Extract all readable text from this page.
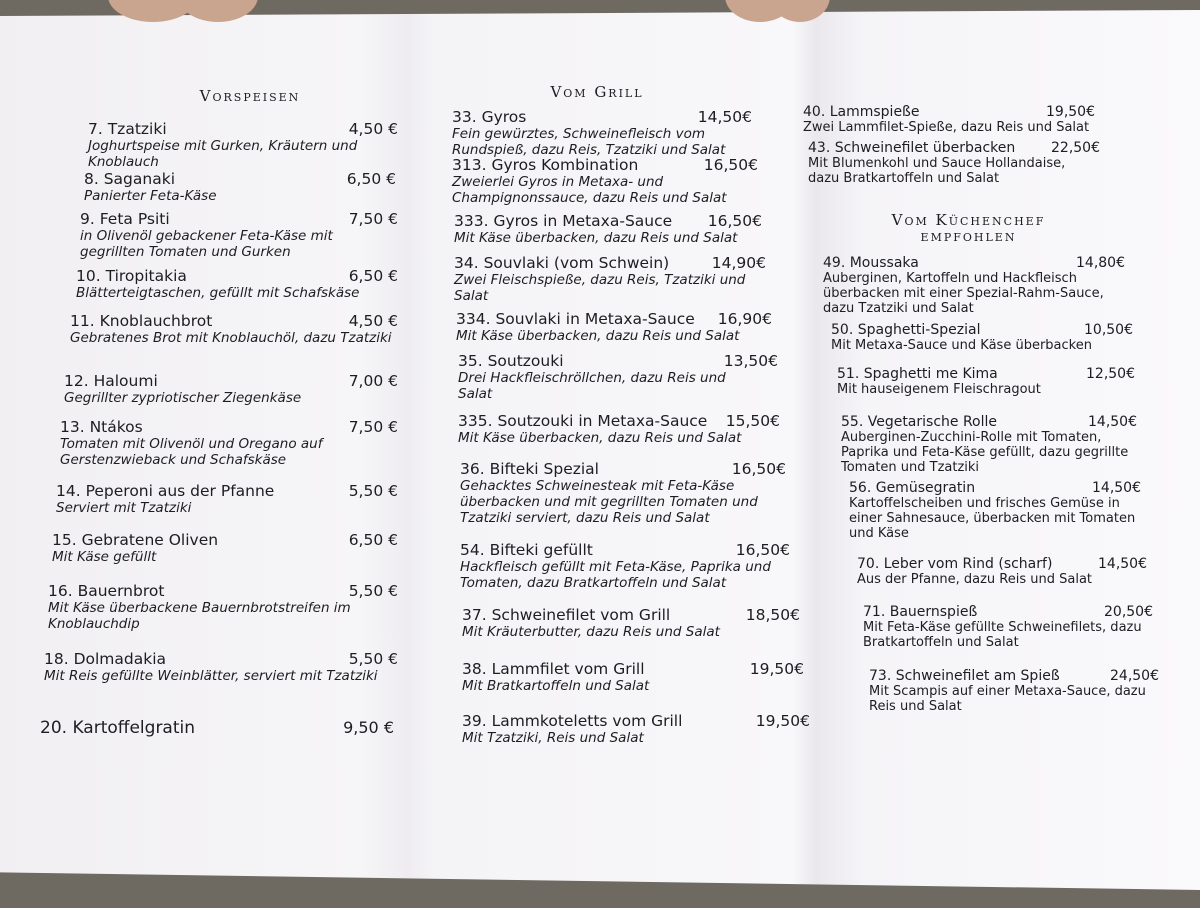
Vorspeisen
7. Tzatziki	4,50 €
Joghurtspeise mit Gurken, Kräutern und Knoblauch
8. Saganaki	6,50 €
Panierter Feta-Käse
9. Feta Psiti	7,50 €
in Olivenöl gebackener Feta-Käse mit gegrillten Tomaten und Gurken
10. Tiropitakia	6,50 €
Blätterteigtaschen, gefüllt mit Schafskäse
11. Knoblauchbrot	4,50 €
Gebratenes Brot mit Knoblauchöl, dazu Tzatziki
12. Haloumi	7,00 €
Gegrillter zypriotischer Ziegenkäse
13. Ntákos	7,50 €
Tomaten mit Olivenöl und Oregano auf Gerstenzwieback und Schafskäse
14. Peperoni aus der Pfanne	5,50 €
Serviert mit Tzatziki
15. Gebratene Oliven	6,50 €
Mit Käse gefüllt
16. Bauernbrot	5,50 €
Mit Käse überbackene Bauernbrotstreifen im Knoblauchdip
18. Dolmadakia	5,50 €
Mit Reis gefüllte Weinblätter, serviert mit Tzatziki
20. Kartoffelgratin	9,50 €
Vom Grill
33. Gyros	14,50€
Fein gewürztes, Schweinefleisch vom Rundspieß, dazu Reis, Tzatziki und Salat
313. Gyros Kombination	16,50€
Zweierlei Gyros in Metaxa- und Champignonssauce, dazu Reis und Salat
333. Gyros in Metaxa-Sauce 16,50€
Mit Käse überbacken, dazu Reis und Salat
34. Souvlaki (vom Schwein)	14,90€
Zwei Fleischspieße, dazu Reis, Tzatziki und Salat
334. Souvlaki in Metaxa-Sauce 16,90€
Mit Käse überbacken, dazu Reis und Salat
35. Soutzouki	13,50€
Drei Hackfleischröllchen, dazu Reis und Salat
335. Soutzouki in Metaxa-Sauce 15,50€
Mit Käse überbacken, dazu Reis und Salat
36. Bifteki Spezial	16,50€
Gehacktes Schweinesteak mit Feta-Käse überbacken und mit gegrillten Tomaten und Tzatziki serviert, dazu Reis und Salat
54. Bifteki gefüllt	16,50€
Hackfleisch gefüllt mit Feta-Käse, Paprika und Tomaten, dazu Bratkartoffeln und Salat
37. Schweinefilet vom Grill	18,50€
Mit Kräuterbutter, dazu Reis und Salat
38. Lammfilet vom Grill	19,50€
Mit Bratkartoffeln und Salat
39. Lammkoteletts vom Grill	19,50€
Mit Tzatziki, Reis und Salat
40. Lammspieße	19,50€
Zwei Lammfilet-Spieße, dazu Reis und Salat
43. Schweinefilet überbacken	22,50€
Mit Blumenkohl und Sauce Hollandaise, dazu Bratkartoffeln und Salat
Vom Küchenchef empfohlen
49. Moussaka	14,80€
Auberginen, Kartoffeln und Hackfleisch überbacken mit einer Spezial-Rahm-Sauce, dazu Tzatziki und Salat
50. Spaghetti-Spezial	10,50€
Mit Metaxa-Sauce und Käse überbacken
51. Spaghetti me Kima	12,50€
Mit hauseigenem Fleischragout
55. Vegetarische Rolle	14,50€
Auberginen-Zucchini-Rolle mit Tomaten, Paprika und Feta-Käse gefüllt, dazu gegrillte Tomaten und Tzatziki
56. Gemüsegratin	14,50€
Kartoffelscheiben und frisches Gemüse in einer Sahnesauce, überbacken mit Tomaten und Käse
70. Leber vom Rind (scharf)	14,50€
Aus der Pfanne, dazu Reis und Salat
71. Bauernspieß	20,50€
Mit Feta-Käse gefüllte Schweinefilets, dazu Bratkartoffeln und Salat
73. Schweinefilet am Spieß	24,50€
Mit Scampis auf einer Metaxa-Sauce, dazu Reis und Salat
